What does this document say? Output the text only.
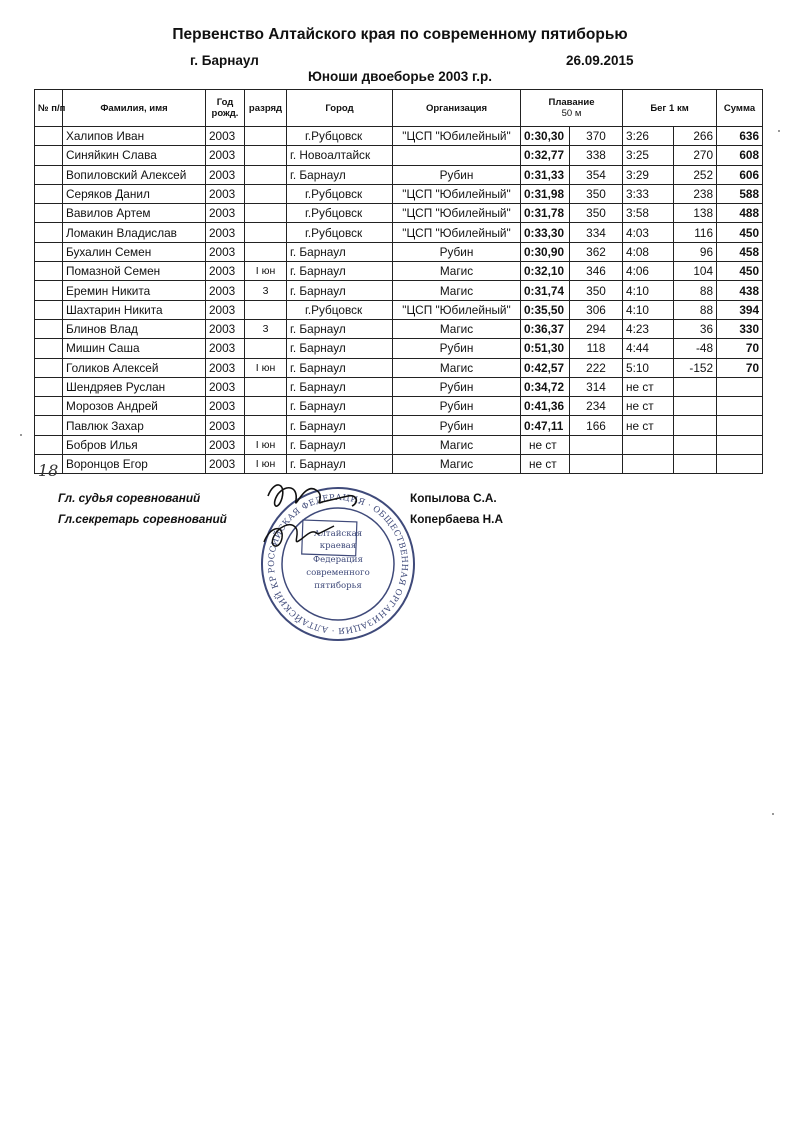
Первенство Алтайского края по современному пятиборью
г. Барнаул	26.09.2015
Юноши двоеборье 2003 г.р.
№ п/п	Фамилия, имя	Год
рожд.	разряд	Город	Организация	Плавание
50 м		Бег 1 км		Сумма
	Халипов Иван	2003		г.Рубцовск	"ЦСП "Юбилейный"	0:30,30	370	3:26	266	636
	Синяйкин Слава	2003		г. Новоалтайск		0:32,77	338	3:25	270	608
	Вопиловский Алексей	2003		г. Барнаул	Рубин	0:31,33	354	3:29	252	606
	Серяков Данил	2003		г.Рубцовск	"ЦСП "Юбилейный"	0:31,98	350	3:33	238	588
	Вавилов Артем	2003		г.Рубцовск	"ЦСП "Юбилейный"	0:31,78	350	3:58	138	488
	Ломакин Владислав	2003		г.Рубцовск	"ЦСП "Юбилейный"	0:33,30	334	4:03	116	450
	Бухалин Семен	2003		г. Барнаул	Рубин	0:30,90	362	4:08	96	458
	Помазной Семен	2003	I юн	г. Барнаул	Магис	0:32,10	346	4:06	104	450
	Еремин Никита	2003	3	г. Барнаул	Магис	0:31,74	350	4:10	88	438
	Шахтарин Никита	2003		г.Рубцовск	"ЦСП "Юбилейный"	0:35,50	306	4:10	88	394
	Блинов Влад	2003	3	г. Барнаул	Магис	0:36,37	294	4:23	36	330
	Мишин Саша	2003		г. Барнаул	Рубин	0:51,30	118	4:44	-48	70
	Голиков Алексей	2003	I юн	г. Барнаул	Магис	0:42,57	222	5:10	-152	70
	Шендряев Руслан	2003		г. Барнаул	Рубин	0:34,72	314	не ст		
	Морозов Андрей	2003		г. Барнаул	Рубин	0:41,36	234	не ст		
	Павлюк Захар	2003		г. Барнаул	Рубин	0:47,11	166	не ст		
	Бобров Илья	2003	I юн	г. Барнаул	Магис	не ст				
	Воронцов Егор	2003	I юн	г. Барнаул	Магис	не ст				
18
Гл. судья соревнований	Копылова С.А.
Гл.секретарь соревнований	Копербаева Н.А
РОССИЙСКАЯ ФЕДЕРАЦИЯ · ОБЩЕСТВЕННАЯ ОРГАНИЗАЦИЯ · АЛТАЙСКИЙ КРАЙ,
Алтайская
краевая
Федерация
современного
пятиборья
